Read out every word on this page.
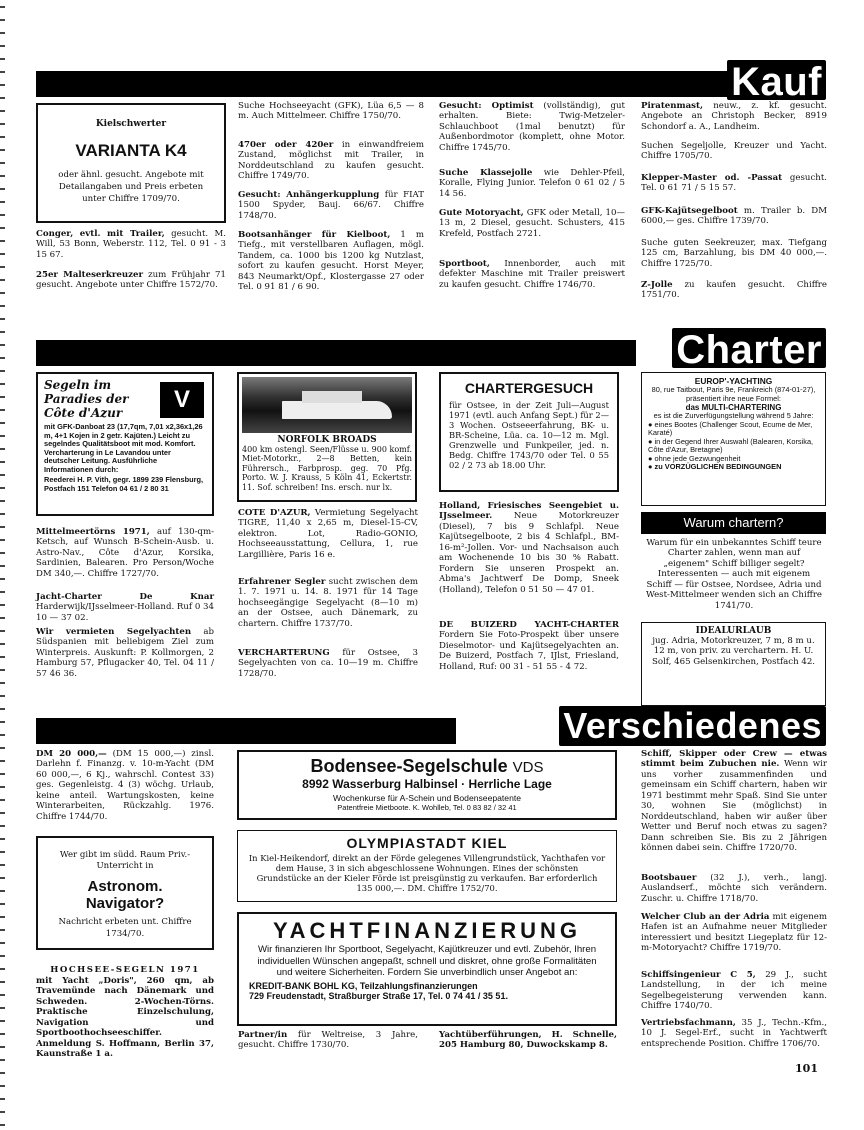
Kauf
Kielschwerter
VARIANTA K4
oder ähnl. gesucht. Angebote mit Detailangaben und Preis erbeten unter Chiffre 1709/70.
Conger, evtl. mit Trailer, gesucht. M. Will, 53 Bonn, Weberstr. 112, Tel. 0 91 - 3 15 67.
25er Malteserkreuzer zum Frühjahr 71 gesucht. Angebote unter Chiffre 1572/70.
Suche Hochseeyacht (GFK), Lüa 6,5 — 8 m. Auch Mittelmeer. Chiffre 1750/70.
470er oder 420er in einwandfreiem Zustand, möglichst mit Trailer, in Norddeutschland zu kaufen gesucht. Chiffre 1749/70.
Gesucht: Anhängerkupplung für FIAT 1500 Spyder, Bauj. 66/67. Chiffre 1748/70.
Bootsanhänger für Kielboot, 1 m Tiefg., mit verstellbaren Auflagen, mögl. Tandem, ca. 1000 bis 1200 kg Nutzlast, sofort zu kaufen gesucht. Horst Meyer, 843 Neumarkt/Opf., Klostergasse 27 oder Tel. 0 91 81 / 6 90.
Gesucht: Optimist (vollständig), gut erhalten. Biete: Twig-Metzeler-Schlauchboot (1mal benutzt) für Außenbordmotor (komplett, ohne Motor. Chiffre 1745/70.
Suche Klassejolle wie Dehler-Pfeil, Koralle, Flying Junior. Telefon 0 61 02 / 5 14 56.
Gute Motoryacht, GFK oder Metall, 10—13 m, 2 Diesel, gesucht. Schusters, 415 Krefeld, Postfach 2721.
Sportboot, Innenborder, auch mit defekter Maschine mit Trailer preiswert zu kaufen gesucht. Chiffre 1746/70.
Piratenmast, neuw., z. kf. gesucht. Angebote an Christoph Becker, 8919 Schondorf a. A., Landheim.
Suchen Segeljolle, Kreuzer und Yacht. Chiffre 1705/70.
Klepper-Master od. -Passat gesucht. Tel. 0 61 71 / 5 15 57.
GFK-Kajütsegelboot m. Trailer b. DM 6000,— ges. Chiffre 1739/70.
Suche guten Seekreuzer, max. Tiefgang 125 cm, Barzahlung, bis DM 40 000,—. Chiffre 1725/70.
Z-Jolle zu kaufen gesucht. Chiffre 1751/70.
Charter
Segeln im
Paradies der
Côte d'Azur	V
mit GFK-Danboat 23 (17,7qm, 7,01 x2,36x1,26 m, 4+1 Kojen in 2 getr. Kajüten.) Leicht zu segelndes Qualitätsboot mit mod. Komfort. Vercharterung in Le Lavandou unter deutscher Leitung. Ausführliche Informationen durch:
Reederei H. P. Vith, gegr. 1899 239 Flensburg, Postfach 151 Telefon 04 61 / 2 80 31
Mittelmeertörns 1971, auf 130-qm-Ketsch, auf Wunsch B-Schein-Ausb. u. Astro-Nav., Côte d'Azur, Korsika, Sardinien, Balearen. Pro Person/Woche DM 340,—. Chiffre 1727/70.
Jacht-Charter De Knar Harderwijk/IJsselmeer-Holland. Ruf 0 34 10 — 37 02.
Wir vermieten Segelyachten ab Südspanien mit beliebigem Ziel zum Winterpreis. Auskunft: P. Kollmorgen, 2 Hamburg 57, Pflugacker 40, Tel. 04 11 / 57 46 36.
NORFOLK BROADS
400 km ostengl. Seen/Flüsse u. 900 komf. Miet-Motorkr., 2—8 Betten, kein Führersch., Farbprosp. geg. 70 Pfg. Porto. W. J. Krauss, 5 Köln 41, Eckertstr. 11. Sof. schreiben! Ins. ersch. nur lx.
COTE D'AZUR, Vermietung Segelyacht TIGRE, 11,40 x 2,65 m, Diesel-15-CV, elektron. Lot, Radio-GONIO, Hochseeausstattung, Cellura, 1, rue Largillière, Paris 16 e.
Erfahrener Segler sucht zwischen dem 1. 7. 1971 u. 14. 8. 1971 für 14 Tage hochseegängige Segelyacht (8—10 m) an der Ostsee, auch Dänemark, zu chartern. Chiffre 1737/70.
VERCHARTERUNG für Ostsee, 3 Segelyachten von ca. 10—19 m. Chiffre 1728/70.
CHARTERGESUCH
für Ostsee, in der Zeit Juli—August 1971 (evtl. auch Anfang Sept.) für 2—3 Wochen. Ostseeerfahrung, BK- u. BR-Scheine, Lüa. ca. 10—12 m. Mgl. Grenzwelle und Funkpeiler, jed. n. Bedg. Chiffre 1743/70 oder Tel. 0 55 02 / 2 73 ab 18.00 Uhr.
Holland, Friesisches Seengebiet u. IJsselmeer. Neue Motorkreuzer (Diesel), 7 bis 9 Schlafpl. Neue Kajütsegelboote, 2 bis 4 Schlafpl., BM-16-m²-Jollen. Vor- und Nachsaison auch am Wochenende 10 bis 30 % Rabatt. Fordern Sie unseren Prospekt an. Abma's Jachtwerf De Domp, Sneek (Holland), Telefon 0 51 50 — 47 01.
DE BUIZERD YACHT-CHARTER Fordern Sie Foto-Prospekt über unsere Dieselmotor- und Kajütsegelyachten an. De Buizerd, Postfach 7, IJlst, Friesland, Holland, Ruf: 00 31 - 51 55 - 4 72.
EUROP'-YACHTING
80, rue Taitbout, Paris 9e, Frankreich (874-01-27), präsentiert ihre neue Formel:
das MULTI-CHARTERING
es ist die Zurverfügungstellung während 5 Jahre:
● eines Bootes (Challenger Scout, Ecume de Mer, Karaté)
● in der Gegend Ihrer Auswahl (Balearen, Korsika, Côte d'Azur, Bretagne)
● ohne jede Gezwungenheit
● zu VORZÜGLICHEN BEDINGUNGEN
Warum chartern?
Warum für ein unbekanntes Schiff teure Charter zahlen, wenn man auf „eigenem" Schiff billiger segelt? Interessenten — auch mit eigenem Schiff — für Ostsee, Nordsee, Adria und West-Mittelmeer wenden sich an Chiffre 1741/70.
IDEALURLAUB
jug. Adria, Motorkreuzer, 7 m, 8 m u. 12 m, von priv. zu verchartern. H. U. Solf, 465 Gelsenkirchen, Postfach 42.
Verschiedenes
DM 20 000,— (DM 15 000,—) zinsl. Darlehn f. Finanzg. v. 10-m-Yacht (DM 60 000,—, 6 Kj., wahrschl. Contest 33) ges. Gegenleistg. 4 (3) wöchg. Urlaub, keine anteil. Wartungskosten, keine Winterarbeiten, Rückzahlg. 1976. Chiffre 1744/70.
Wer gibt im südd. Raum Priv.-Unterricht in
Astronom.
Navigator?
Nachricht erbeten unt. Chiffre 1734/70.
HOCHSEE-SEGELN 1971
mit Yacht „Doris", 260 qm, ab Travemünde nach Dänemark und Schweden. 2-Wochen-Törns. Praktische Einzelschulung, Navigation und Sportboothochseeschiffer. Anmeldung S. Hoffmann, Berlin 37, Kaunstraße 1 a.
Bodensee-Segelschule VDS
8992 Wasserburg Halbinsel · Herrliche Lage
Wochenkurse für A-Schein und Bodenseepatente
Patentfreie Mietboote. K. Wohlleb, Tel. 0 83 82 / 32 41
OLYMPIASTADT KIEL
In Kiel-Heikendorf, direkt an der Förde gelegenes Villengrundstück, Yachthafen vor dem Hause, 3 in sich abgeschlossene Wohnungen. Eines der schönsten Grundstücke an der Kieler Förde ist preisgünstig zu verkaufen. Bar erforderlich 135 000,—. DM. Chiffre 1752/70.
YACHTFINANZIERUNG
Wir finanzieren Ihr Sportboot, Segelyacht, Kajütkreuzer und evtl. Zubehör, Ihren individuellen Wünschen angepaßt, schnell und diskret, ohne große Formalitäten und weitere Sicherheiten. Fordern Sie unverbindlich unser Angebot an:
KREDIT-BANK BOHL KG, Teilzahlungsfinanzierungen
729 Freudenstadt, Straßburger Straße 17, Tel. 0 74 41 / 35 51.
Partner/in für Weltreise, 3 Jahre, gesucht. Chiffre 1730/70.
Yachtüberführungen, H. Schnelle, 205 Hamburg 80, Duwockskamp 8.
Schiff, Skipper oder Crew — etwas stimmt beim Zubuchen nie. Wenn wir uns vorher zusammenfinden und gemeinsam ein Schiff chartern, haben wir 1971 bestimmt mehr Spaß. Sind Sie unter 30, wohnen Sie (möglichst) in Norddeutschland, haben wir außer über Wetter und Beruf noch etwas zu sagen? Dann schreiben Sie. Bis zu 2 Jährigen können dabei sein. Chiffre 1720/70.
Bootsbauer (32 J.), verh., langj. Auslandserf., möchte sich verändern. Zuschr. u. Chiffre 1718/70.
Welcher Club an der Adria mit eigenem Hafen ist an Aufnahme neuer Mitglieder interessiert und besitzt Liegeplatz für 12-m-Motoryacht? Chiffre 1719/70.
Schiffsingenieur C 5, 29 J., sucht Landstellung, in der ich meine Segelbegeisterung verwenden kann. Chiffre 1740/70.
Vertriebsfachmann, 35 J., Techn.-Kfm., 10 J. Segel-Erf., sucht in Yachtwerft entsprechende Position. Chiffre 1706/70.
101
